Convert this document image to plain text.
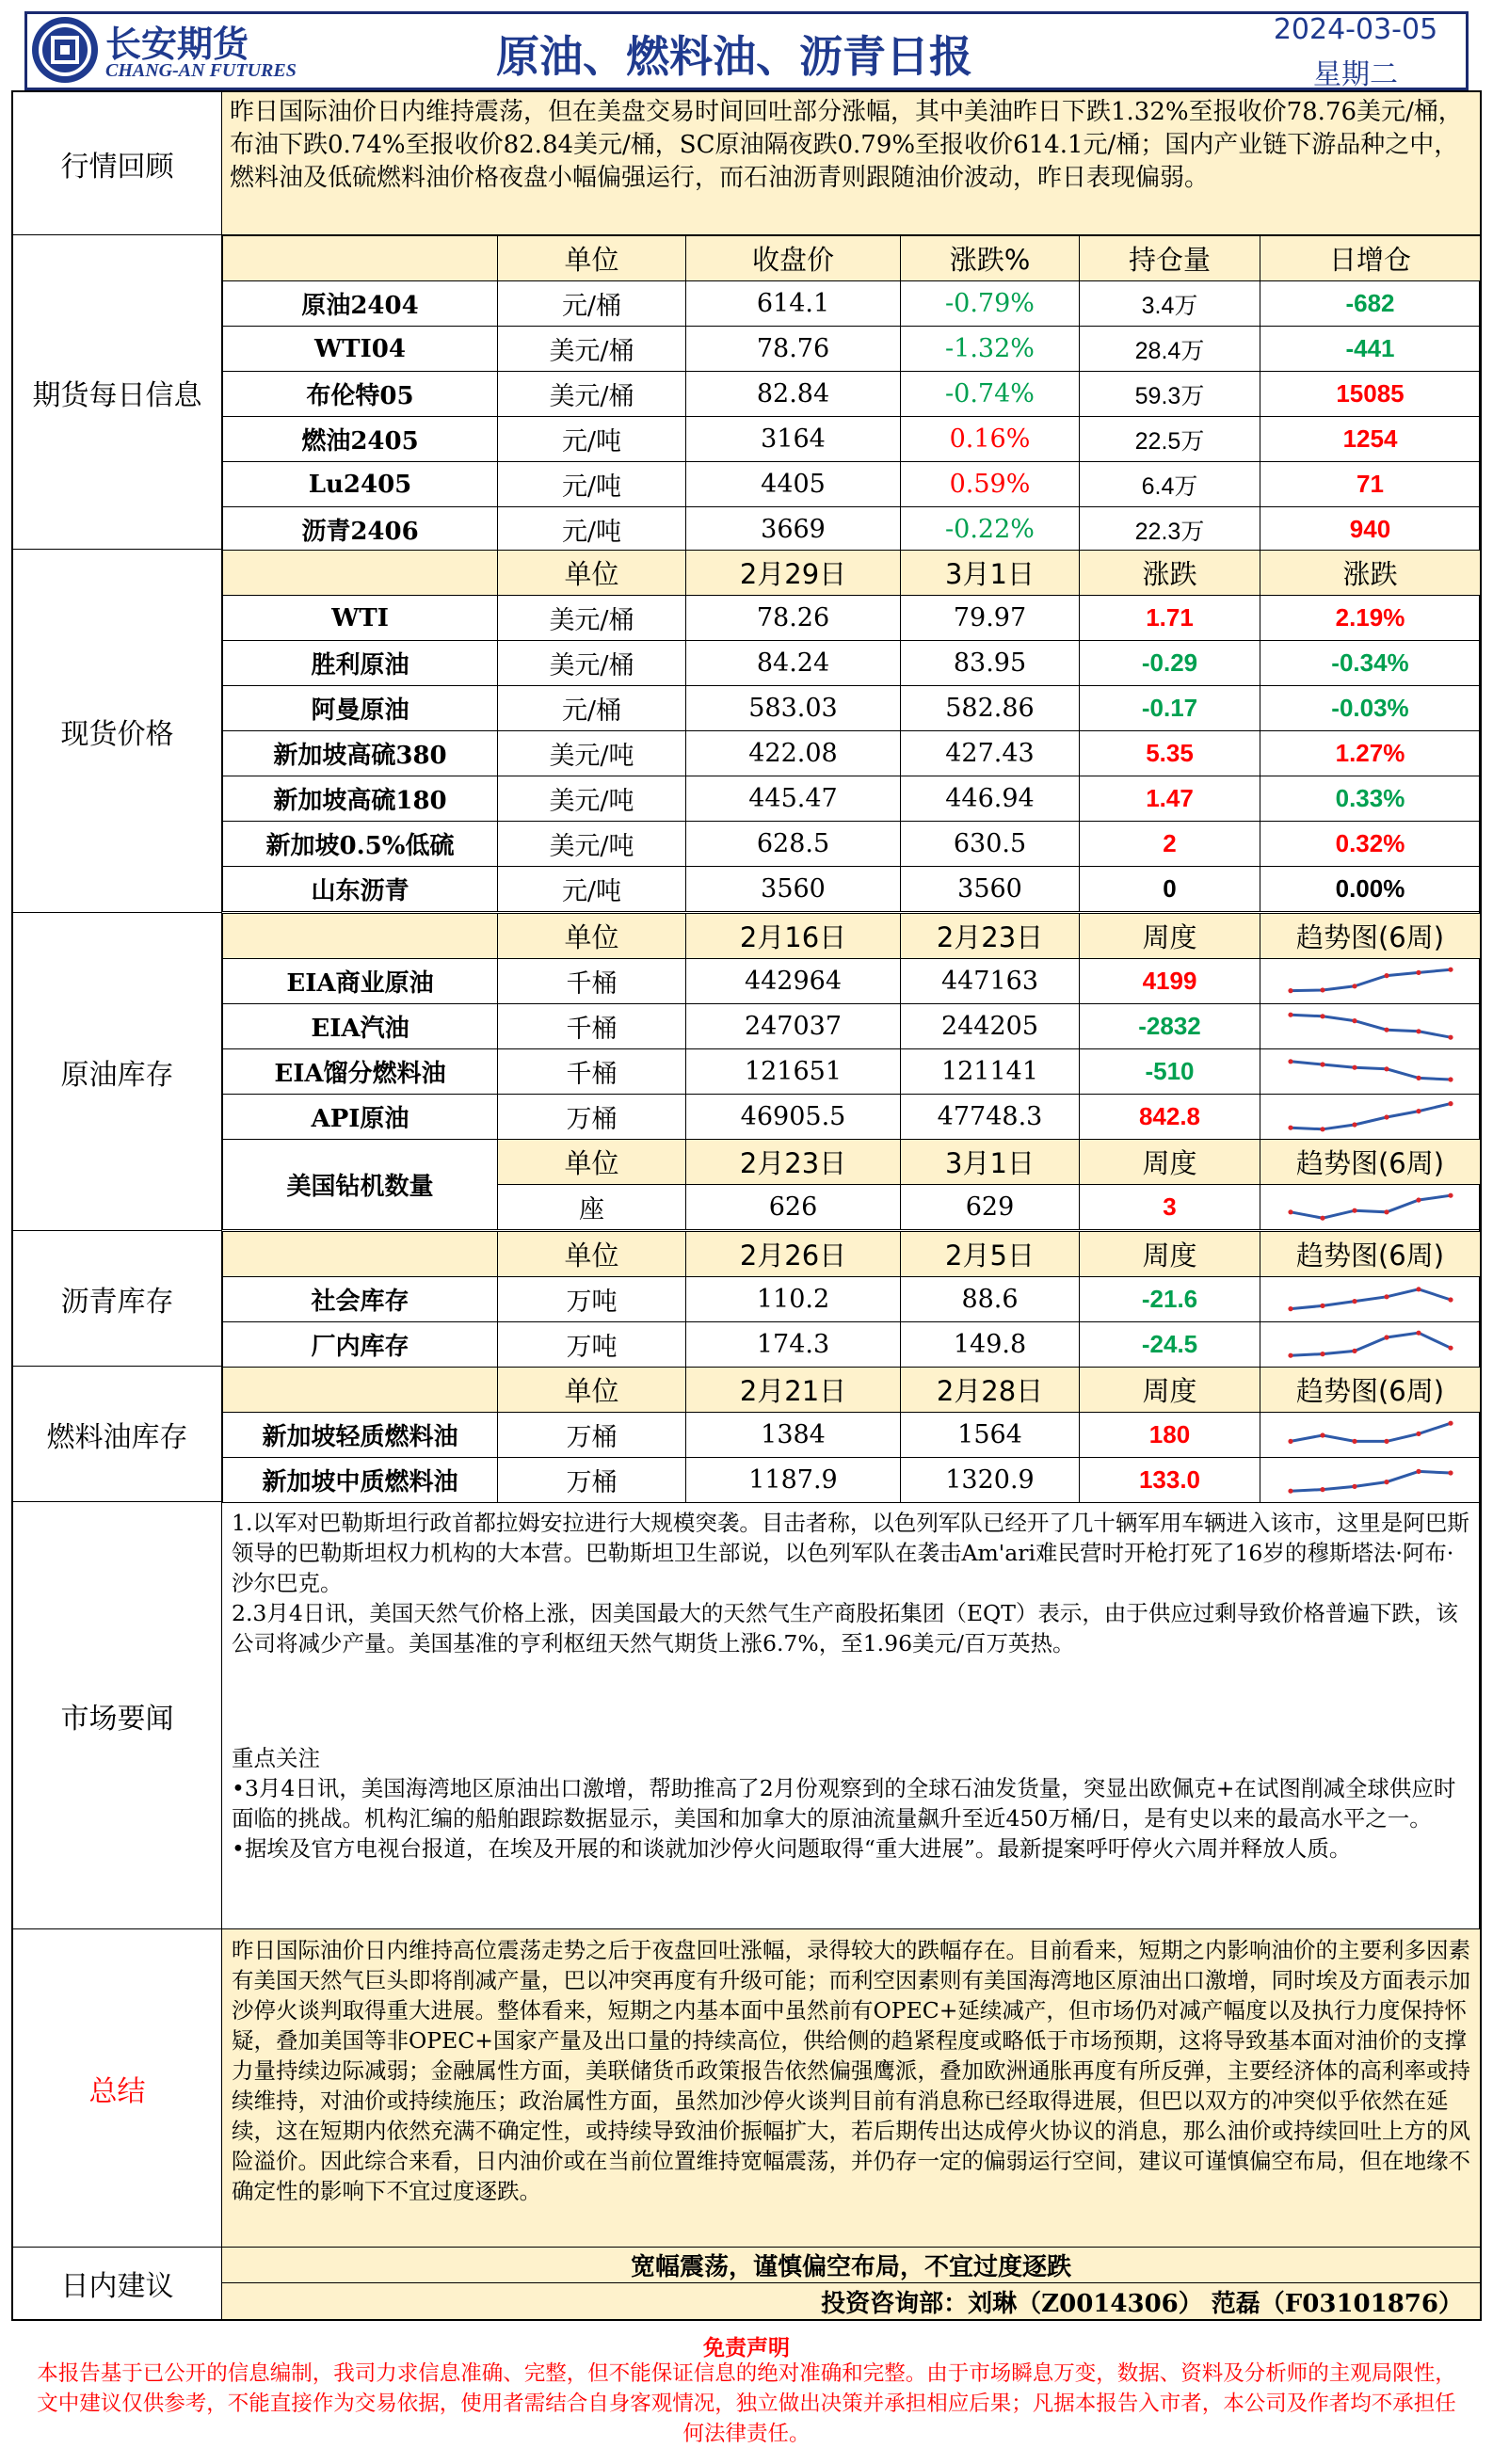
长安期货
CHANG-AN FUTURES	原油、燃料油、沥青日报
2024-03-05
星期二
行情回顾
昨日国际油价日内维持震荡，但在美盘交易时间回吐部分涨幅，其中美油昨日下跌1.32%至报收价78.76美元/桶，布油下跌0.74%至报收价82.84美元/桶，SC原油隔夜跌0.79%至报收价614.1元/桶；国内产业链下游品种之中，燃料油及低硫燃料油价格夜盘小幅偏强运行，而石油沥青则跟随油价波动，昨日表现偏弱。
期货每日信息
	单位	收盘价	涨跌%	持仓量	日增仓
原油2404	元/桶	614.1	-0.79%	3.4万	-682
WTI04	美元/桶	78.76	-1.32%	28.4万	-441
布伦特05	美元/桶	82.84	-0.74%	59.3万	15085
燃油2405	元/吨	3164	0.16%	22.5万	1254
Lu2405	元/吨	4405	0.59%	6.4万	71
沥青2406	元/吨	3669	-0.22%	22.3万	940
现货价格
	单位	2月29日	3月1日	涨跌	涨跌
WTI	美元/桶	78.26	79.97	1.71	2.19%
胜利原油	美元/桶	84.24	83.95	-0.29	-0.34%
阿曼原油	元/桶	583.03	582.86	-0.17	-0.03%
新加坡高硫380	美元/吨	422.08	427.43	5.35	1.27%
新加坡高硫180	美元/吨	445.47	446.94	1.47	0.33%
新加坡0.5%低硫	美元/吨	628.5	630.5	2	0.32%
山东沥青	元/吨	3560	3560	0	0.00%
原油库存
	单位	2月16日	2月23日	周度	趋势图(6周)
EIA商业原油	千桶	442964	447163	4199	

EIA汽油	千桶	247037	244205	-2832	

EIA馏分燃料油	千桶	121651	121141	-510	

API原油	万桶	46905.5	47748.3	842.8	

美国钻机数量	单位	2月23日	3月1日	周度	趋势图(6周)
	座	626	629	3	
沥青库存
	单位	2月26日	2月5日	周度	趋势图(6周)
社会库存	万吨	110.2	88.6	-21.6	

厂内库存	万吨	174.3	149.8	-24.5	
燃料油库存
	单位	2月21日	2月28日	周度	趋势图(6周)
新加坡轻质燃料油	万桶	1384	1564	180	

新加坡中质燃料油	万桶	1187.9	1320.9	133.0	
市场要闻
1.以军对巴勒斯坦行政首都拉姆安拉进行大规模突袭。目击者称，以色列军队已经开了几十辆军用车辆进入该市，这里是阿巴斯领导的巴勒斯坦权力机构的大本营。巴勒斯坦卫生部说，以色列军队在袭击Am'ari难民营时开枪打死了16岁的穆斯塔法·阿布·沙尔巴克。
2.3月4日讯，美国天然气价格上涨，因美国最大的天然气生产商股拓集团（EQT）表示，由于供应过剩导致价格普遍下跌，该公司将减少产量。美国基准的亨利枢纽天然气期货上涨6.7%，至1.96美元/百万英热。
重点关注
•3月4日讯，美国海湾地区原油出口激增，帮助推高了2月份观察到的全球石油发货量，突显出欧佩克+在试图削减全球供应时面临的挑战。机构汇编的船舶跟踪数据显示，美国和加拿大的原油流量飙升至近450万桶/日，是有史以来的最高水平之一。
•据埃及官方电视台报道，在埃及开展的和谈就加沙停火问题取得“重大进展”。最新提案呼吁停火六周并释放人质。
总结
昨日国际油价日内维持高位震荡走势之后于夜盘回吐涨幅，录得较大的跌幅存在。目前看来，短期之内影响油价的主要利多因素有美国天然气巨头即将削减产量，巴以冲突再度有升级可能；而利空因素则有美国海湾地区原油出口激增，同时埃及方面表示加沙停火谈判取得重大进展。整体看来，短期之内基本面中虽然前有OPEC+延续减产，但市场仍对减产幅度以及执行力度保持怀疑，叠加美国等非OPEC+国家产量及出口量的持续高位，供给侧的趋紧程度或略低于市场预期，这将导致基本面对油价的支撑力量持续边际减弱；金融属性方面，美联储货币政策报告依然偏强鹰派，叠加欧洲通胀再度有所反弹，主要经济体的高利率或持续维持，对油价或持续施压；政治属性方面，虽然加沙停火谈判目前有消息称已经取得进展，但巴以双方的冲突似乎依然在延续，这在短期内依然充满不确定性，或持续导致油价振幅扩大，若后期传出达成停火协议的消息，那么油价或持续回吐上方的风险溢价。因此综合来看，日内油价或在当前位置维持宽幅震荡，并仍存一定的偏弱运行空间，建议可谨慎偏空布局，但在地缘不确定性的影响下不宜过度逐跌。
日内建议
宽幅震荡，谨慎偏空布局，不宜过度逐跌
投资咨询部：刘琳（Z0014306） 范磊（F03101876）
免责声明
本报告基于已公开的信息编制，我司力求信息准确、完整，但不能保证信息的绝对准确和完整。由于市场瞬息万变，数据、资料及分析师的主观局限性，文中建议仅供参考，不能直接作为交易依据，使用者需结合自身客观情况，独立做出决策并承担相应后果；凡据本报告入市者，本公司及作者均不承担任何法律责任。
